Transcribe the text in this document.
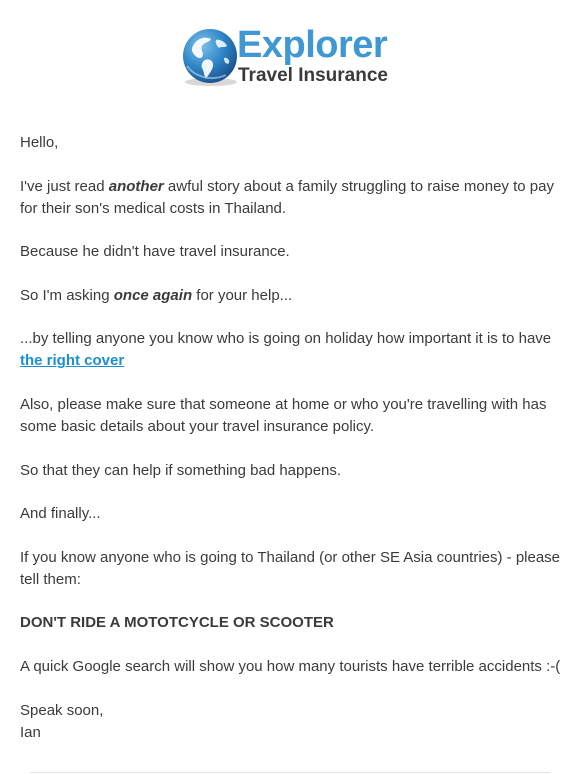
Explorer
Travel Insurance

Hello,

I've just read another awful story about a family struggling to raise money to pay for their son's medical costs in Thailand.

Because he didn't have travel insurance.

So I'm asking once again for your help...

...by telling anyone you know who is going on holiday how important it is to have the right cover

Also, please make sure that someone at home or who you're travelling with has some basic details about your travel insurance policy.

So that they can help if something bad happens.

And finally...

If you know anyone who is going to Thailand (or other SE Asia countries) - please tell them:

DON'T RIDE A MOTOTCYCLE OR SCOOTER

A quick Google search will show you how many tourists have terrible accidents :-(

Speak soon,
Ian
